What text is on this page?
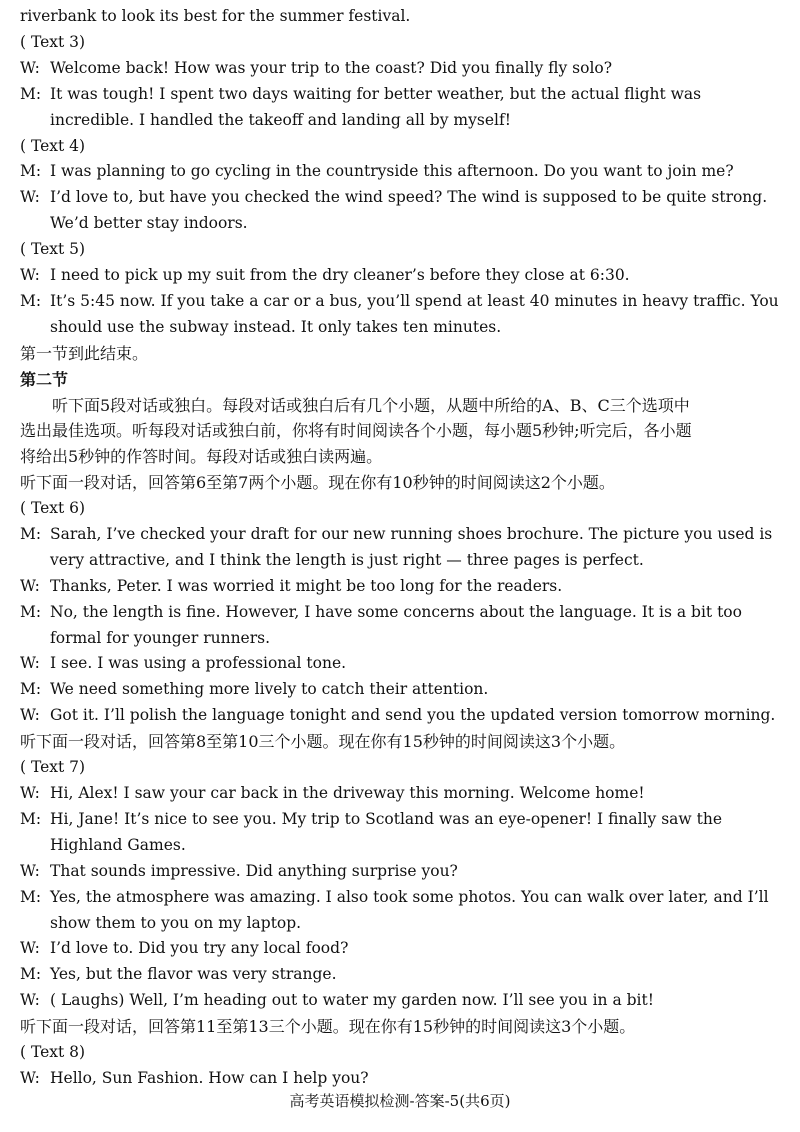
riverbank to look its best for the summer festival.
( Text 3)
W: Welcome back! How was your trip to the coast? Did you finally fly solo?
M: It was tough! I spent two days waiting for better weather, but the actual flight was incredible. I handled the takeoff and landing all by myself!
( Text 4)
M: I was planning to go cycling in the countryside this afternoon. Do you want to join me?
W: I’d love to, but have you checked the wind speed? The wind is supposed to be quite strong. We’d better stay indoors.
( Text 5)
W: I need to pick up my suit from the dry cleaner’s before they close at 6:30.
M: It’s 5:45 now. If you take a car or a bus, you’ll spend at least 40 minutes in heavy traffic. You should use the subway instead. It only takes ten minutes.
第一节到此结束。
第二节
听下面5段对话或独白。每段对话或独白后有几个小题，从题中所给的A、B、C三个选项中
选出最佳选项。听每段对话或独白前，你将有时间阅读各个小题，每小题5秒钟;听完后，各小题
将给出5秒钟的作答时间。每段对话或独白读两遍。
听下面一段对话，回答第6至第7两个小题。现在你有10秒钟的时间阅读这2个小题。
( Text 6)
M: Sarah, I’ve checked your draft for our new running shoes brochure. The picture you used is very attractive, and I think the length is just right — three pages is perfect.
W: Thanks, Peter. I was worried it might be too long for the readers.
M: No, the length is fine. However, I have some concerns about the language. It is a bit too formal for younger runners.
W: I see. I was using a professional tone.
M: We need something more lively to catch their attention.
W: Got it. I’ll polish the language tonight and send you the updated version tomorrow morning.
听下面一段对话，回答第8至第10三个小题。现在你有15秒钟的时间阅读这3个小题。
( Text 7)
W: Hi, Alex! I saw your car back in the driveway this morning. Welcome home!
M: Hi, Jane! It’s nice to see you. My trip to Scotland was an eye-opener! I finally saw the Highland Games.
W: That sounds impressive. Did anything surprise you?
M: Yes, the atmosphere was amazing. I also took some photos. You can walk over later, and I’ll show them to you on my laptop.
W: I’d love to. Did you try any local food?
M: Yes, but the flavor was very strange.
W: ( Laughs) Well, I’m heading out to water my garden now. I’ll see you in a bit!
听下面一段对话，回答第11至第13三个小题。现在你有15秒钟的时间阅读这3个小题。
( Text 8)
W: Hello, Sun Fashion. How can I help you?
高考英语模拟检测-答案-5(共6页)
